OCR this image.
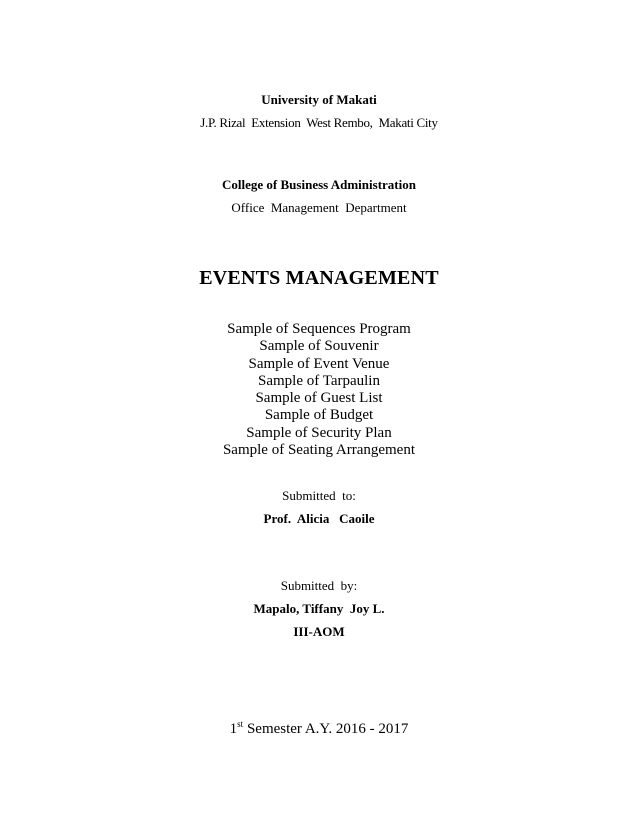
University of Makati
J.P. Rizal  Extension  West Rembo,  Makati City
College of Business Administration
Office  Management  Department
EVENTS MANAGEMENT
Sample of Sequences Program
Sample of Souvenir
Sample of Event Venue
Sample of Tarpaulin
Sample of Guest List
Sample of Budget
Sample of Security Plan
Sample of Seating Arrangement
Submitted  to:
Prof.  Alicia   Caoile
Submitted  by:
Mapalo, Tiffany  Joy L.
III-AOM
1st Semester A.Y. 2016 - 2017
